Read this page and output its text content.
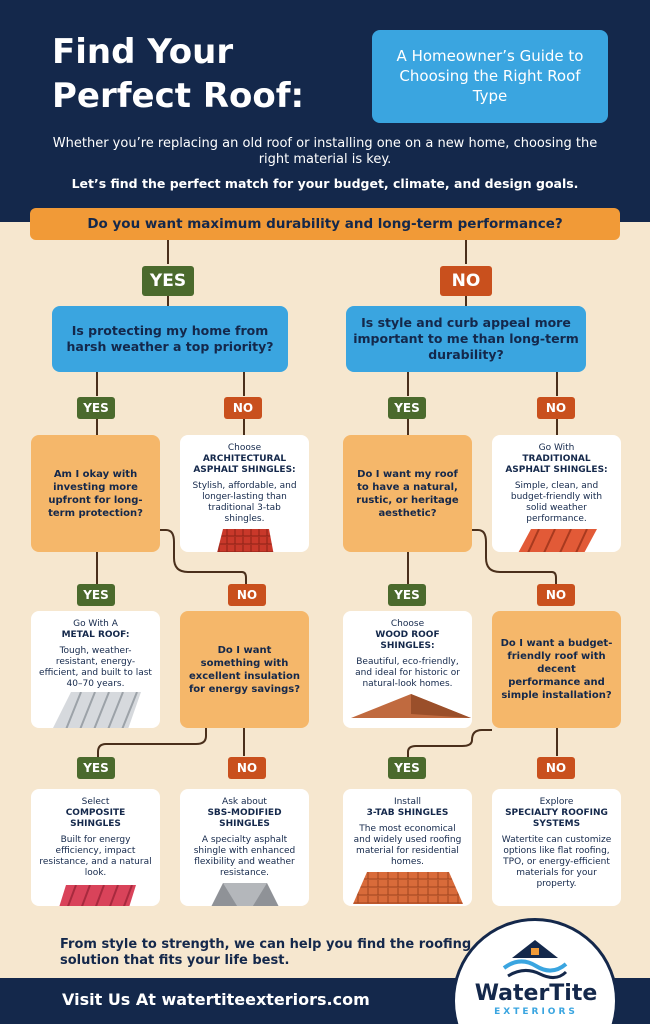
Find Your
Perfect Roof:
A Homeowner’s Guide to Choosing the Right Roof Type
Whether you’re replacing an old roof or installing one on a new home, choosing the right material is key.
Let’s find the perfect match for your budget, climate, and design goals.
Do you want maximum durability and long-term performance?
YES	NO
Is protecting my home from harsh weather a top priority?
YES	NO
Am I okay with investing more upfront for long-term protection?
Choose
ARCHITECTURAL ASPHALT SHINGLES:
Stylish, affordable, and longer-lasting than traditional 3-tab shingles.
YES	NO
Go With A
METAL ROOF:
Tough, weather-resistant, energy-efficient, and built to last 40–70 years.
Do I want something with excellent insulation for energy savings?
YES	NO
Select
COMPOSITE SHINGLES
Built for energy efficiency, impact resistance, and a natural look.
Ask about
SBS-MODIFIED SHINGLES
A specialty asphalt shingle with enhanced flexibility and weather resistance.
Is style and curb appeal more important to me than long-term durability?
YES	NO
Do I want my roof to have a natural, rustic, or heritage aesthetic?
Go With
TRADITIONAL ASPHALT SHINGLES:
Simple, clean, and budget-friendly with solid weather performance.
YES	NO
Choose
WOOD ROOF SHINGLES:
Beautiful, eco-friendly, and ideal for historic or natural-look homes.
Do I want a budget-friendly roof with decent performance and simple installation?
YES	NO
Install
3-TAB SHINGLES
The most economical and widely used roofing material for residential homes.
Explore
SPECIALTY ROOFING SYSTEMS
Watertite can customize options like flat roofing, TPO, or energy-efficient materials for your property.
From style to strength, we can help you find the roofing solution that fits your life best.
Visit Us At watertiteexteriors.com	WaterTite
EXTERIORS
